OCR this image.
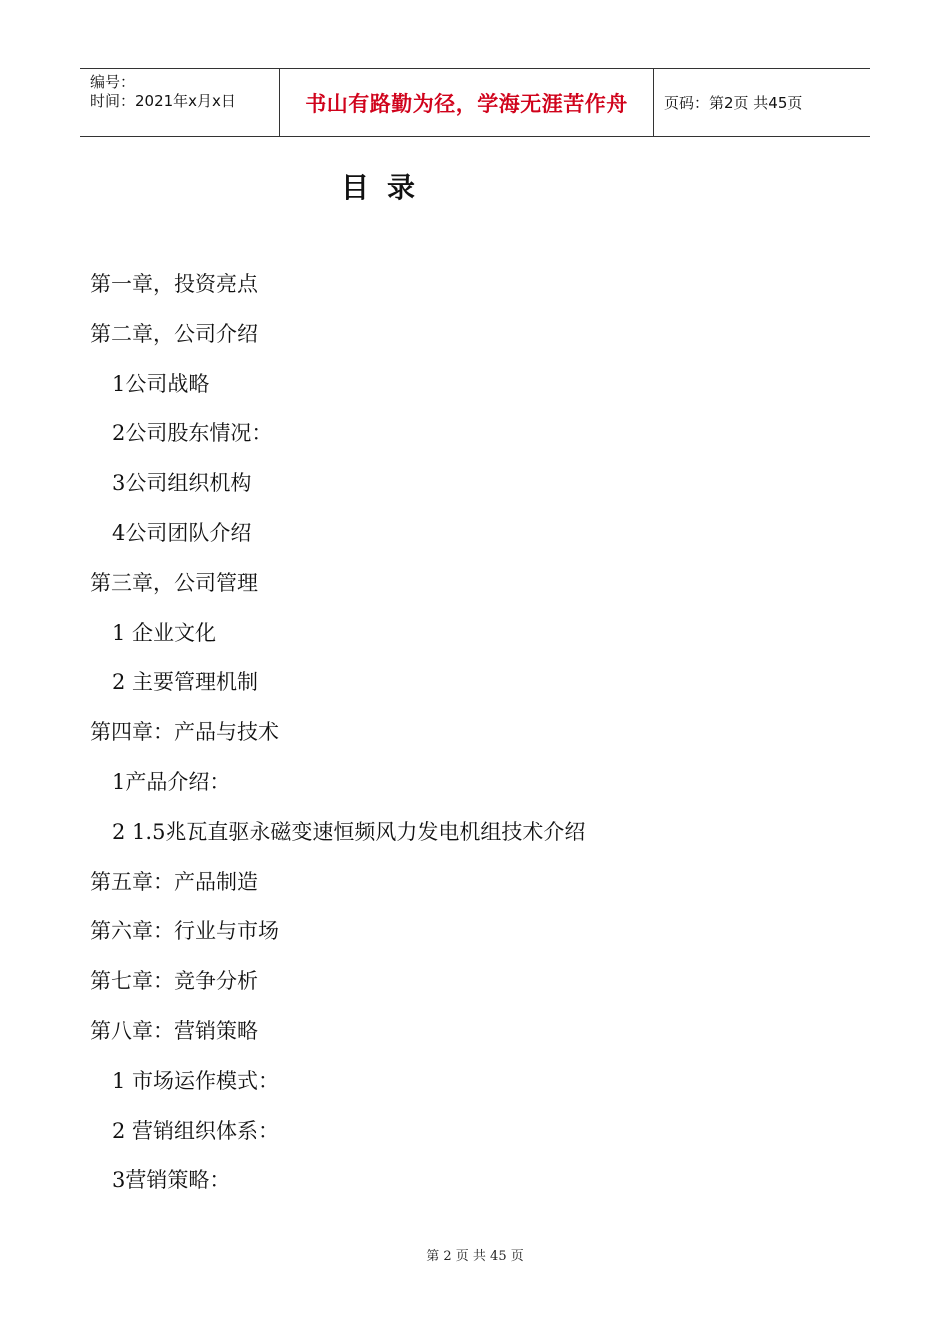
编号：
时间：2021年x月x日	书山有路勤为径，学海无涯苦作舟	页码：第2页 共45页
目录
第一章，投资亮点
第二章，公司介绍
1公司战略
2公司股东情况：
3公司组织机构
4公司团队介绍
第三章，公司管理
1 企业文化
2 主要管理机制
第四章：产品与技术
1产品介绍：
2 1.5兆瓦直驱永磁变速恒频风力发电机组技术介绍
第五章：产品制造
第六章：行业与市场
第七章：竞争分析
第八章：营销策略
1 市场运作模式：
2 营销组织体系：
3营销策略：
第 2 页 共 45 页
